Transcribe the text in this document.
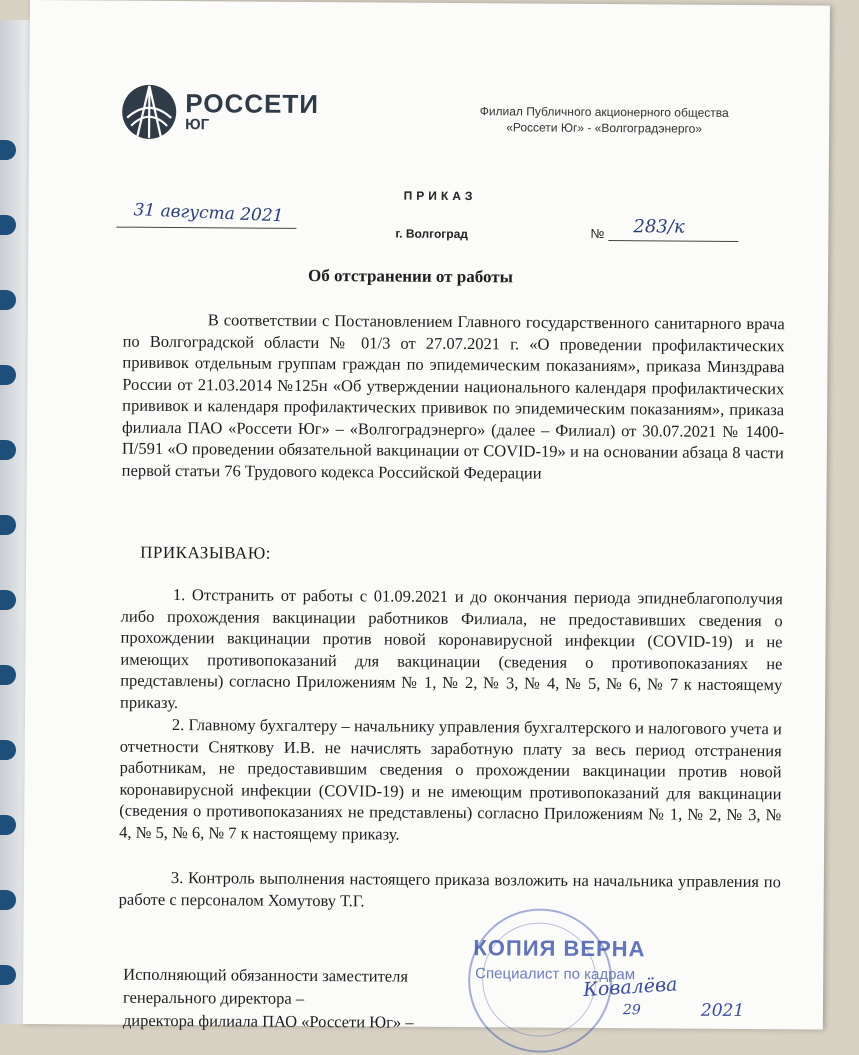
РОССЕТИ
ЮГ
Филиал Публичного акционерного общества
«Россети Юг» - «Волгоградэнерго»
ПРИКАЗ
31 августа 2021
г. Волгоград	№ 283/к
Об отстранении от работы
В соответствии с Постановлением Главного государственного санитарного врача по Волгоградской области № 01/3 от 27.07.2021 г. «О проведении профилактических прививок отдельным группам граждан по эпидемическим показаниям», приказа Минздрава России от 21.03.2014 №125н «Об утверждении национального календаря профилактических прививок и календаря профилактических прививок по эпидемическим показаниям», приказа филиала ПАО «Россети Юг» – «Волгоградэнерго» (далее – Филиал) от 30.07.2021 № 1400-П/591 «О проведении обязательной вакцинации от COVID-19» и на основании абзаца 8 части первой статьи 76 Трудового кодекса Российской Федерации
ПРИКАЗЫВАЮ:
1. Отстранить от работы с 01.09.2021 и до окончания периода эпиднеблагополучия либо прохождения вакцинации работников Филиала, не предоставивших сведения о прохождении вакцинации против новой коронавирусной инфекции (COVID-19) и не имеющих противопоказаний для вакцинации (сведения о противопоказаниях не представлены) согласно Приложениям № 1, № 2, № 3, № 4, № 5, № 6, № 7 к настоящему приказу.
2. Главному бухгалтеру – начальнику управления бухгалтерского и налогового учета и отчетности Сняткову И.В. не начислять заработную плату за весь период отстранения работникам, не предоставившим сведения о прохождении вакцинации против новой коронавирусной инфекции (COVID-19) и не имеющим противопоказаний для вакцинации (сведения о противопоказаниях не представлены) согласно Приложениям № 1, № 2, № 3, № 4, № 5, № 6, № 7 к настоящему приказу.
3. Контроль выполнения настоящего приказа возложить на начальника управления по работе с персоналом Хомутову Т.Г.
Исполняющий обязанности заместителя
генерального директора –
директора филиала ПАО «Россети Юг» –
КОПИЯ ВЕРНА
Специалист по кадрам
Ковалёва
29	2021
